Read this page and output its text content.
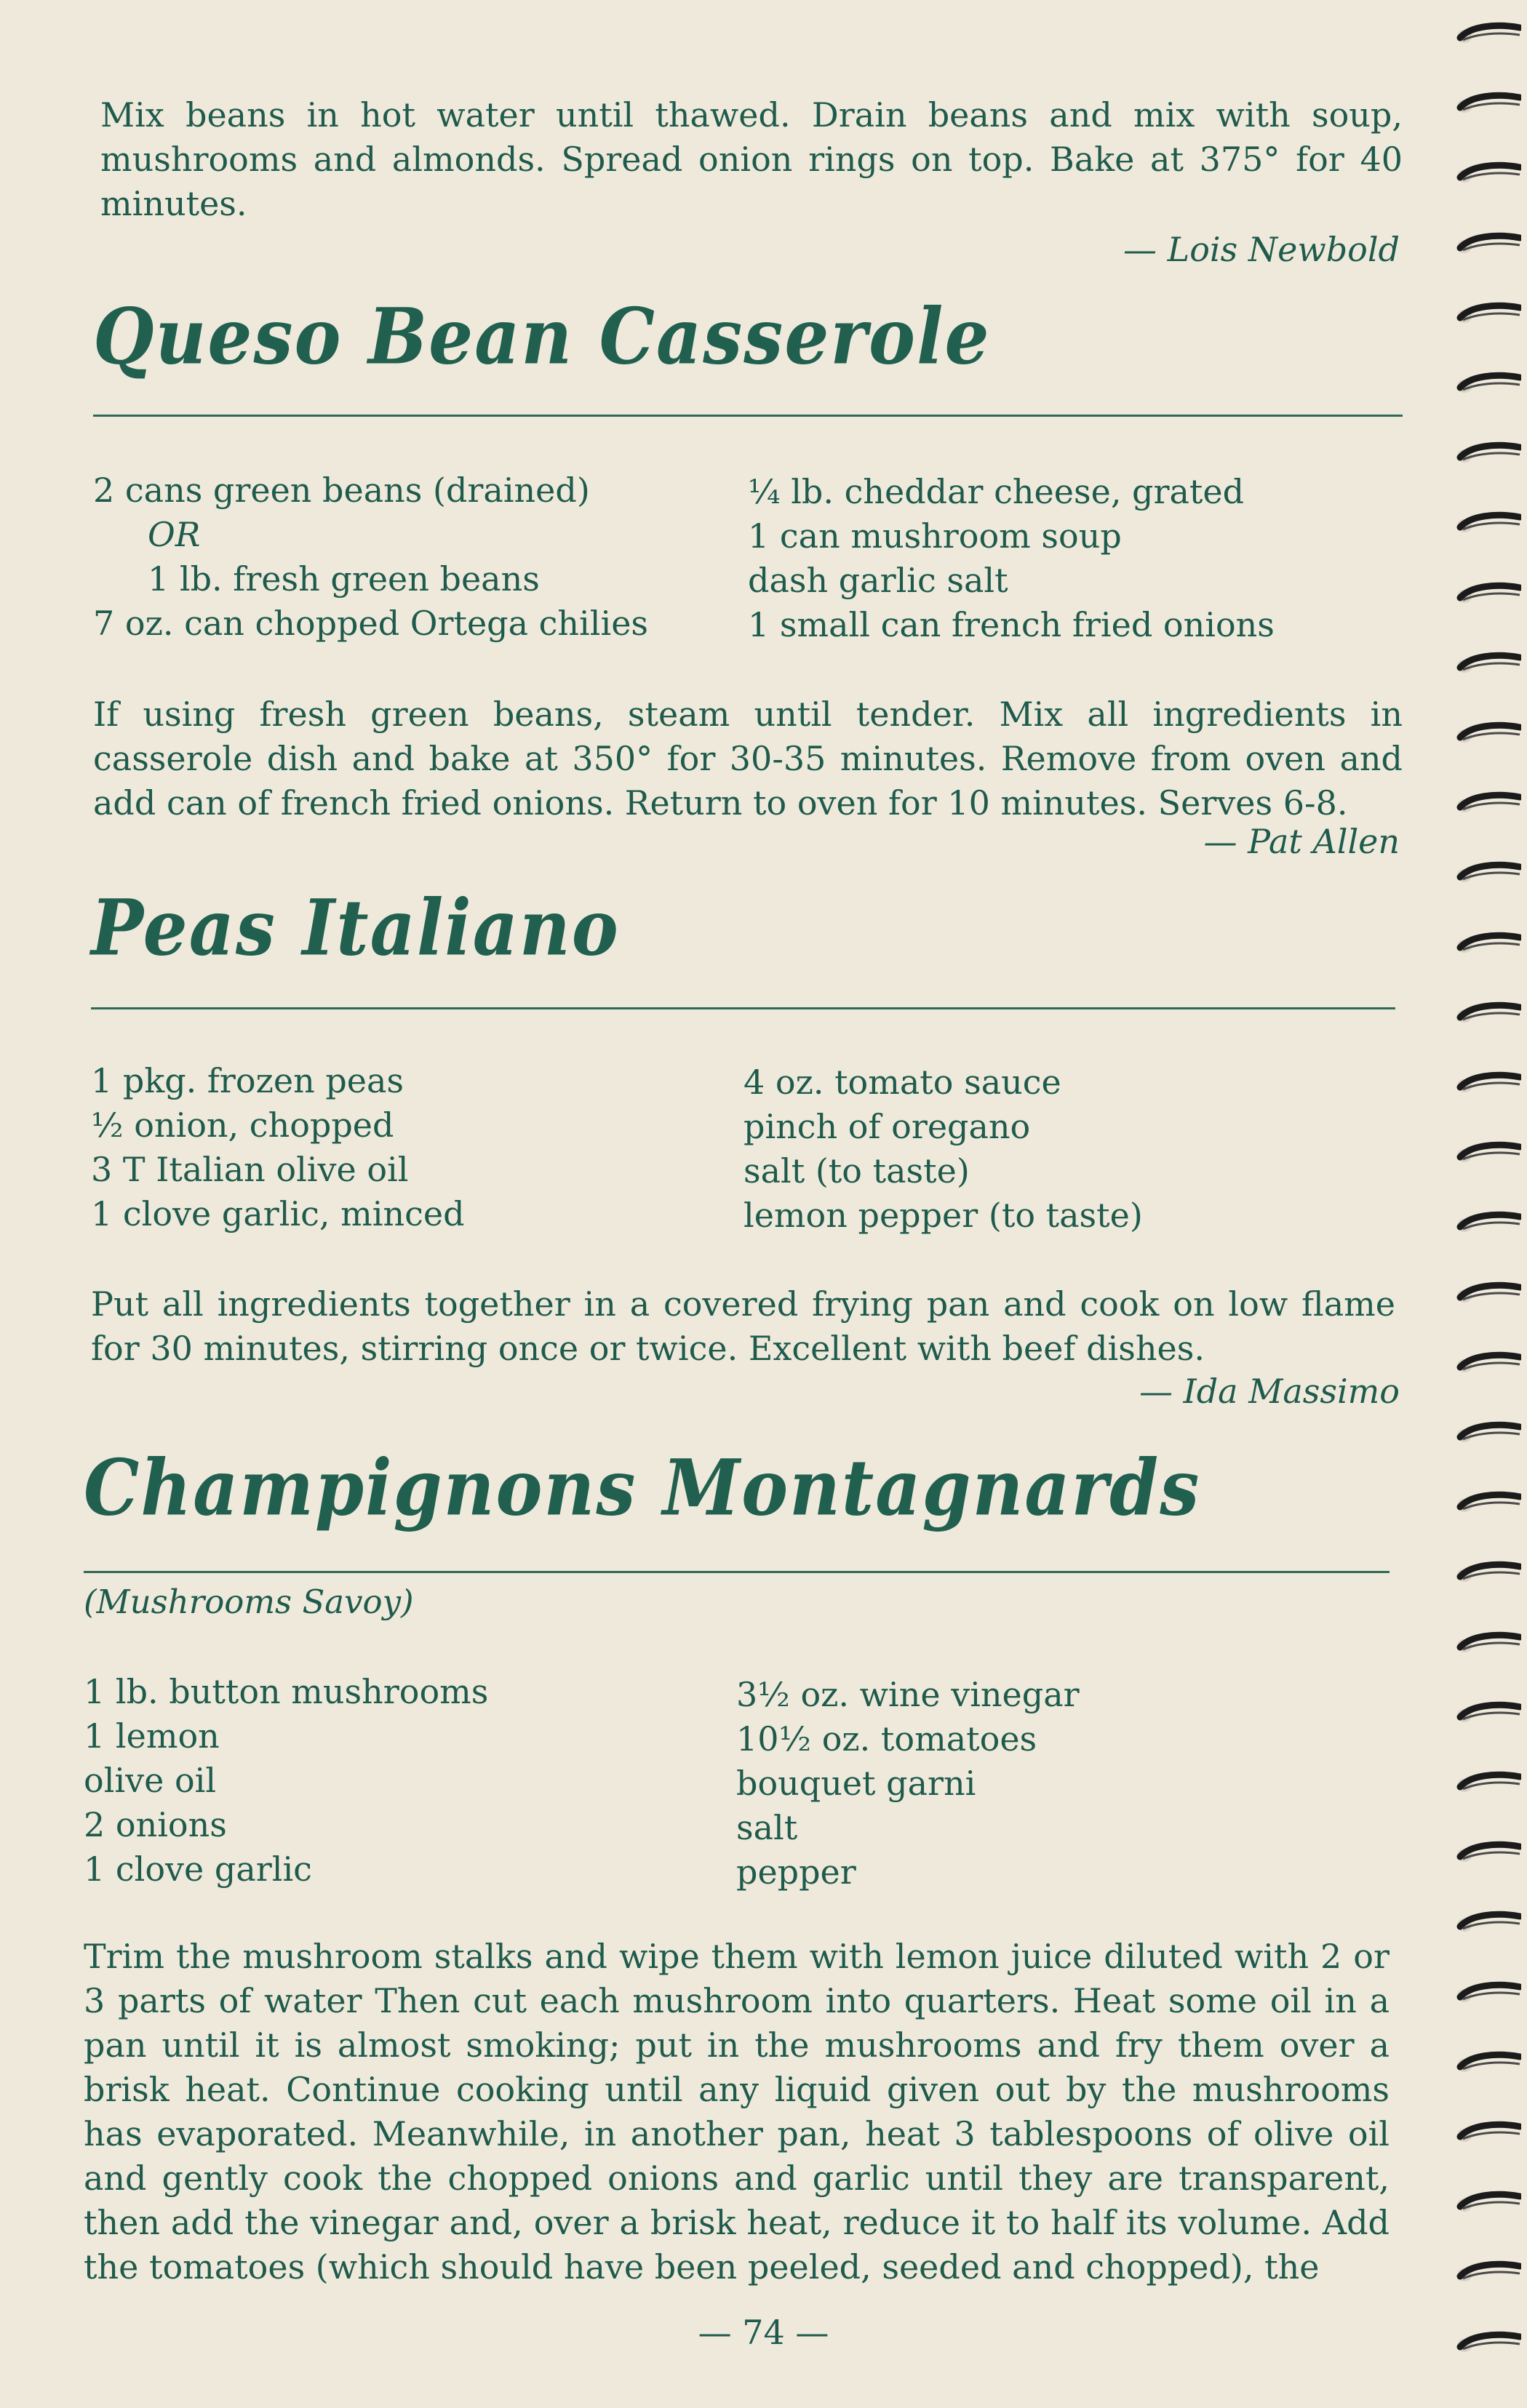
Mix beans in hot water until thawed. Drain beans and mix with soup, mushrooms and almonds. Spread onion rings on top. Bake at 375° for 40 minutes.

— Lois Newbold

Queso Bean Casserole
2 cans green beans (drained)
OR
1 lb. fresh green beans
7 oz. can chopped Ortega chilies
¼ lb. cheddar cheese, grated
1 can mushroom soup
dash garlic salt
1 small can french fried onions

If using fresh green beans, steam until tender. Mix all ingredients in casserole dish and bake at 350° for 30-35 minutes. Remove from oven and add can of french fried onions. Return to oven for 10 minutes. Serves 6-8.

— Pat Allen

Peas Italiano
1 pkg. frozen peas
½ onion, chopped
3 T Italian olive oil
1 clove garlic, minced
4 oz. tomato sauce
pinch of oregano
salt (to taste)
lemon pepper (to taste)

Put all ingredients together in a covered frying pan and cook on low flame for 30 minutes, stirring once or twice. Excellent with beef dishes.

— Ida Massimo

Champignons Montagnards

(Mushrooms Savoy)

1 lb. button mushrooms
1 lemon
olive oil
2 onions
1 clove garlic
3½ oz. wine vinegar
10½ oz. tomatoes
bouquet garni
salt
pepper

Trim the mushroom stalks and wipe them with lemon juice diluted with 2 or 3 parts of water Then cut each mushroom into quarters. Heat some oil in a pan until it is almost smoking; put in the mushrooms and fry them over a brisk heat. Continue cooking until any liquid given out by the mushrooms has evaporated. Meanwhile, in another pan, heat 3 tablespoons of olive oil and gently cook the chopped onions and garlic until they are transparent, then add the vinegar and, over a brisk heat, reduce it to half its volume. Add the tomatoes (which should have been peeled, seeded and chopped), the

— 74 —
